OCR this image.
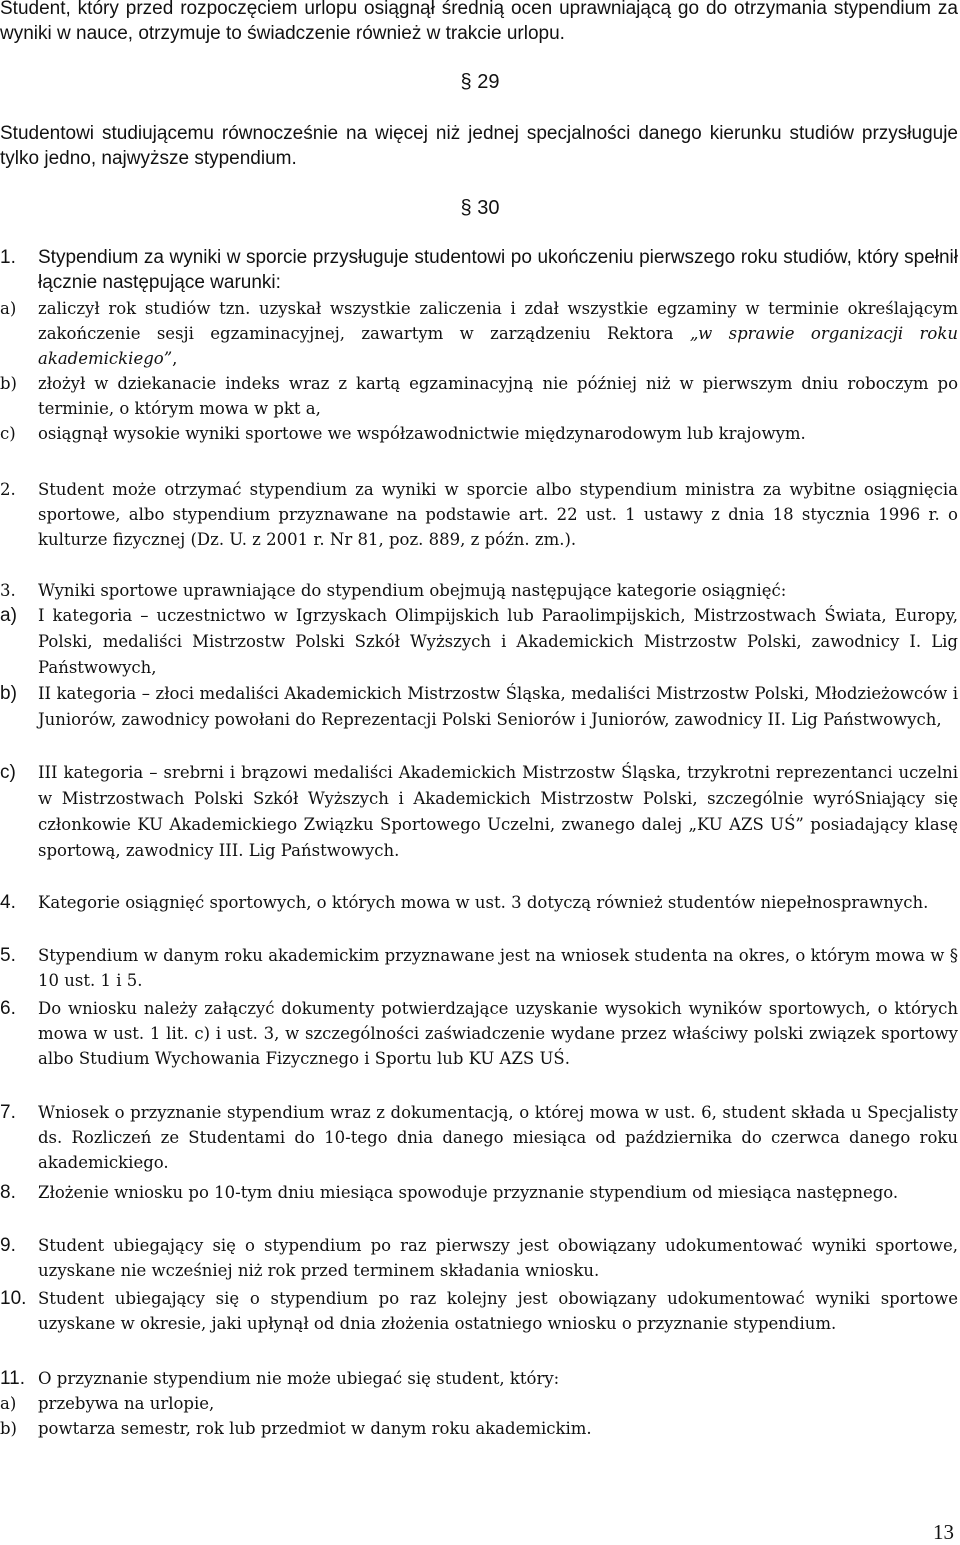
Student, który przed rozpoczęciem urlopu osiągnął średnią ocen uprawniającą go do otrzymania stypendium za wyniki w nauce, otrzymuje to świadczenie również w trakcie urlopu.
§ 29
Studentowi studiującemu równocześnie na więcej niż jednej specjalności danego kierunku studiów przysługuje tylko jedno, najwyższe stypendium.
§ 30
1. Stypendium za wyniki w sporcie przysługuje studentowi po ukończeniu pierwszego roku studiów, który spełnił łącznie następujące warunki:
a) zaliczył rok studiów tzn. uzyskał wszystkie zaliczenia i zdał wszystkie egzaminy w terminie określającym zakończenie sesji egzaminacyjnej, zawartym w zarządzeniu Rektora „w sprawie organizacji roku akademickiego”,
b) złożył w dziekanacie indeks wraz z kartą egzaminacyjną nie później niż w pierwszym dniu roboczym po terminie, o którym mowa w pkt a,
c) osiągnął wysokie wyniki sportowe we współzawodnictwie międzynarodowym lub krajowym.
2. Student może otrzymać stypendium za wyniki w sporcie albo stypendium ministra za wybitne osiągnięcia sportowe, albo stypendium przyznawane na podstawie art. 22 ust. 1 ustawy z dnia 18 stycznia 1996 r. o kulturze fizycznej (Dz. U. z 2001 r. Nr 81, poz. 889, z późn. zm.).
3. Wyniki sportowe uprawniające do stypendium obejmują następujące kategorie osiągnięć:
a) I kategoria – uczestnictwo w Igrzyskach Olimpijskich lub Paraolimpijskich, Mistrzostwach Świata, Europy, Polski, medaliści Mistrzostw Polski Szkół Wyższych i Akademickich Mistrzostw Polski, zawodnicy I. Lig Państwowych,
b) II kategoria – złoci medaliści Akademickich Mistrzostw Śląska, medaliści Mistrzostw Polski, Młodzieżowców i Juniorów, zawodnicy powołani do Reprezentacji Polski Seniorów i Juniorów, zawodnicy II. Lig Państwowych,
c) III kategoria – srebrni i brązowi medaliści Akademickich Mistrzostw Śląska, trzykrotni reprezentanci uczelni w Mistrzostwach Polski Szkół Wyższych i Akademickich Mistrzostw Polski, szczególnie wyróSniający się członkowie KU Akademickiego Związku Sportowego Uczelni, zwanego dalej „KU AZS UŚ” posiadający klasę sportową, zawodnicy III. Lig Państwowych.
4. Kategorie osiągnięć sportowych, o których mowa w ust. 3 dotyczą również studentów niepełnosprawnych.
5. Stypendium w danym roku akademickim przyznawane jest na wniosek studenta na okres, o którym mowa w § 10 ust. 1 i 5.
6. Do wniosku należy załączyć dokumenty potwierdzające uzyskanie wysokich wyników sportowych, o których mowa w ust. 1 lit. c) i ust. 3, w szczególności zaświadczenie wydane przez właściwy polski związek sportowy albo Studium Wychowania Fizycznego i Sportu lub KU AZS UŚ.
7. Wniosek o przyznanie stypendium wraz z dokumentacją, o której mowa w ust. 6, student składa u Specjalisty ds. Rozliczeń ze Studentami do 10-tego dnia danego miesiąca od października do czerwca danego roku akademickiego.
8. Złożenie wniosku po 10-tym dniu miesiąca spowoduje przyznanie stypendium od miesiąca następnego.
9. Student ubiegający się o stypendium po raz pierwszy jest obowiązany udokumentować wyniki sportowe, uzyskane nie wcześniej niż rok przed terminem składania wniosku.
10. Student ubiegający się o stypendium po raz kolejny jest obowiązany udokumentować wyniki sportowe uzyskane w okresie, jaki upłynął od dnia złożenia ostatniego wniosku o przyznanie stypendium.
11. O przyznanie stypendium nie może ubiegać się student, który:
a) przebywa na urlopie,
b) powtarza semestr, rok lub przedmiot w danym roku akademickim.
13
